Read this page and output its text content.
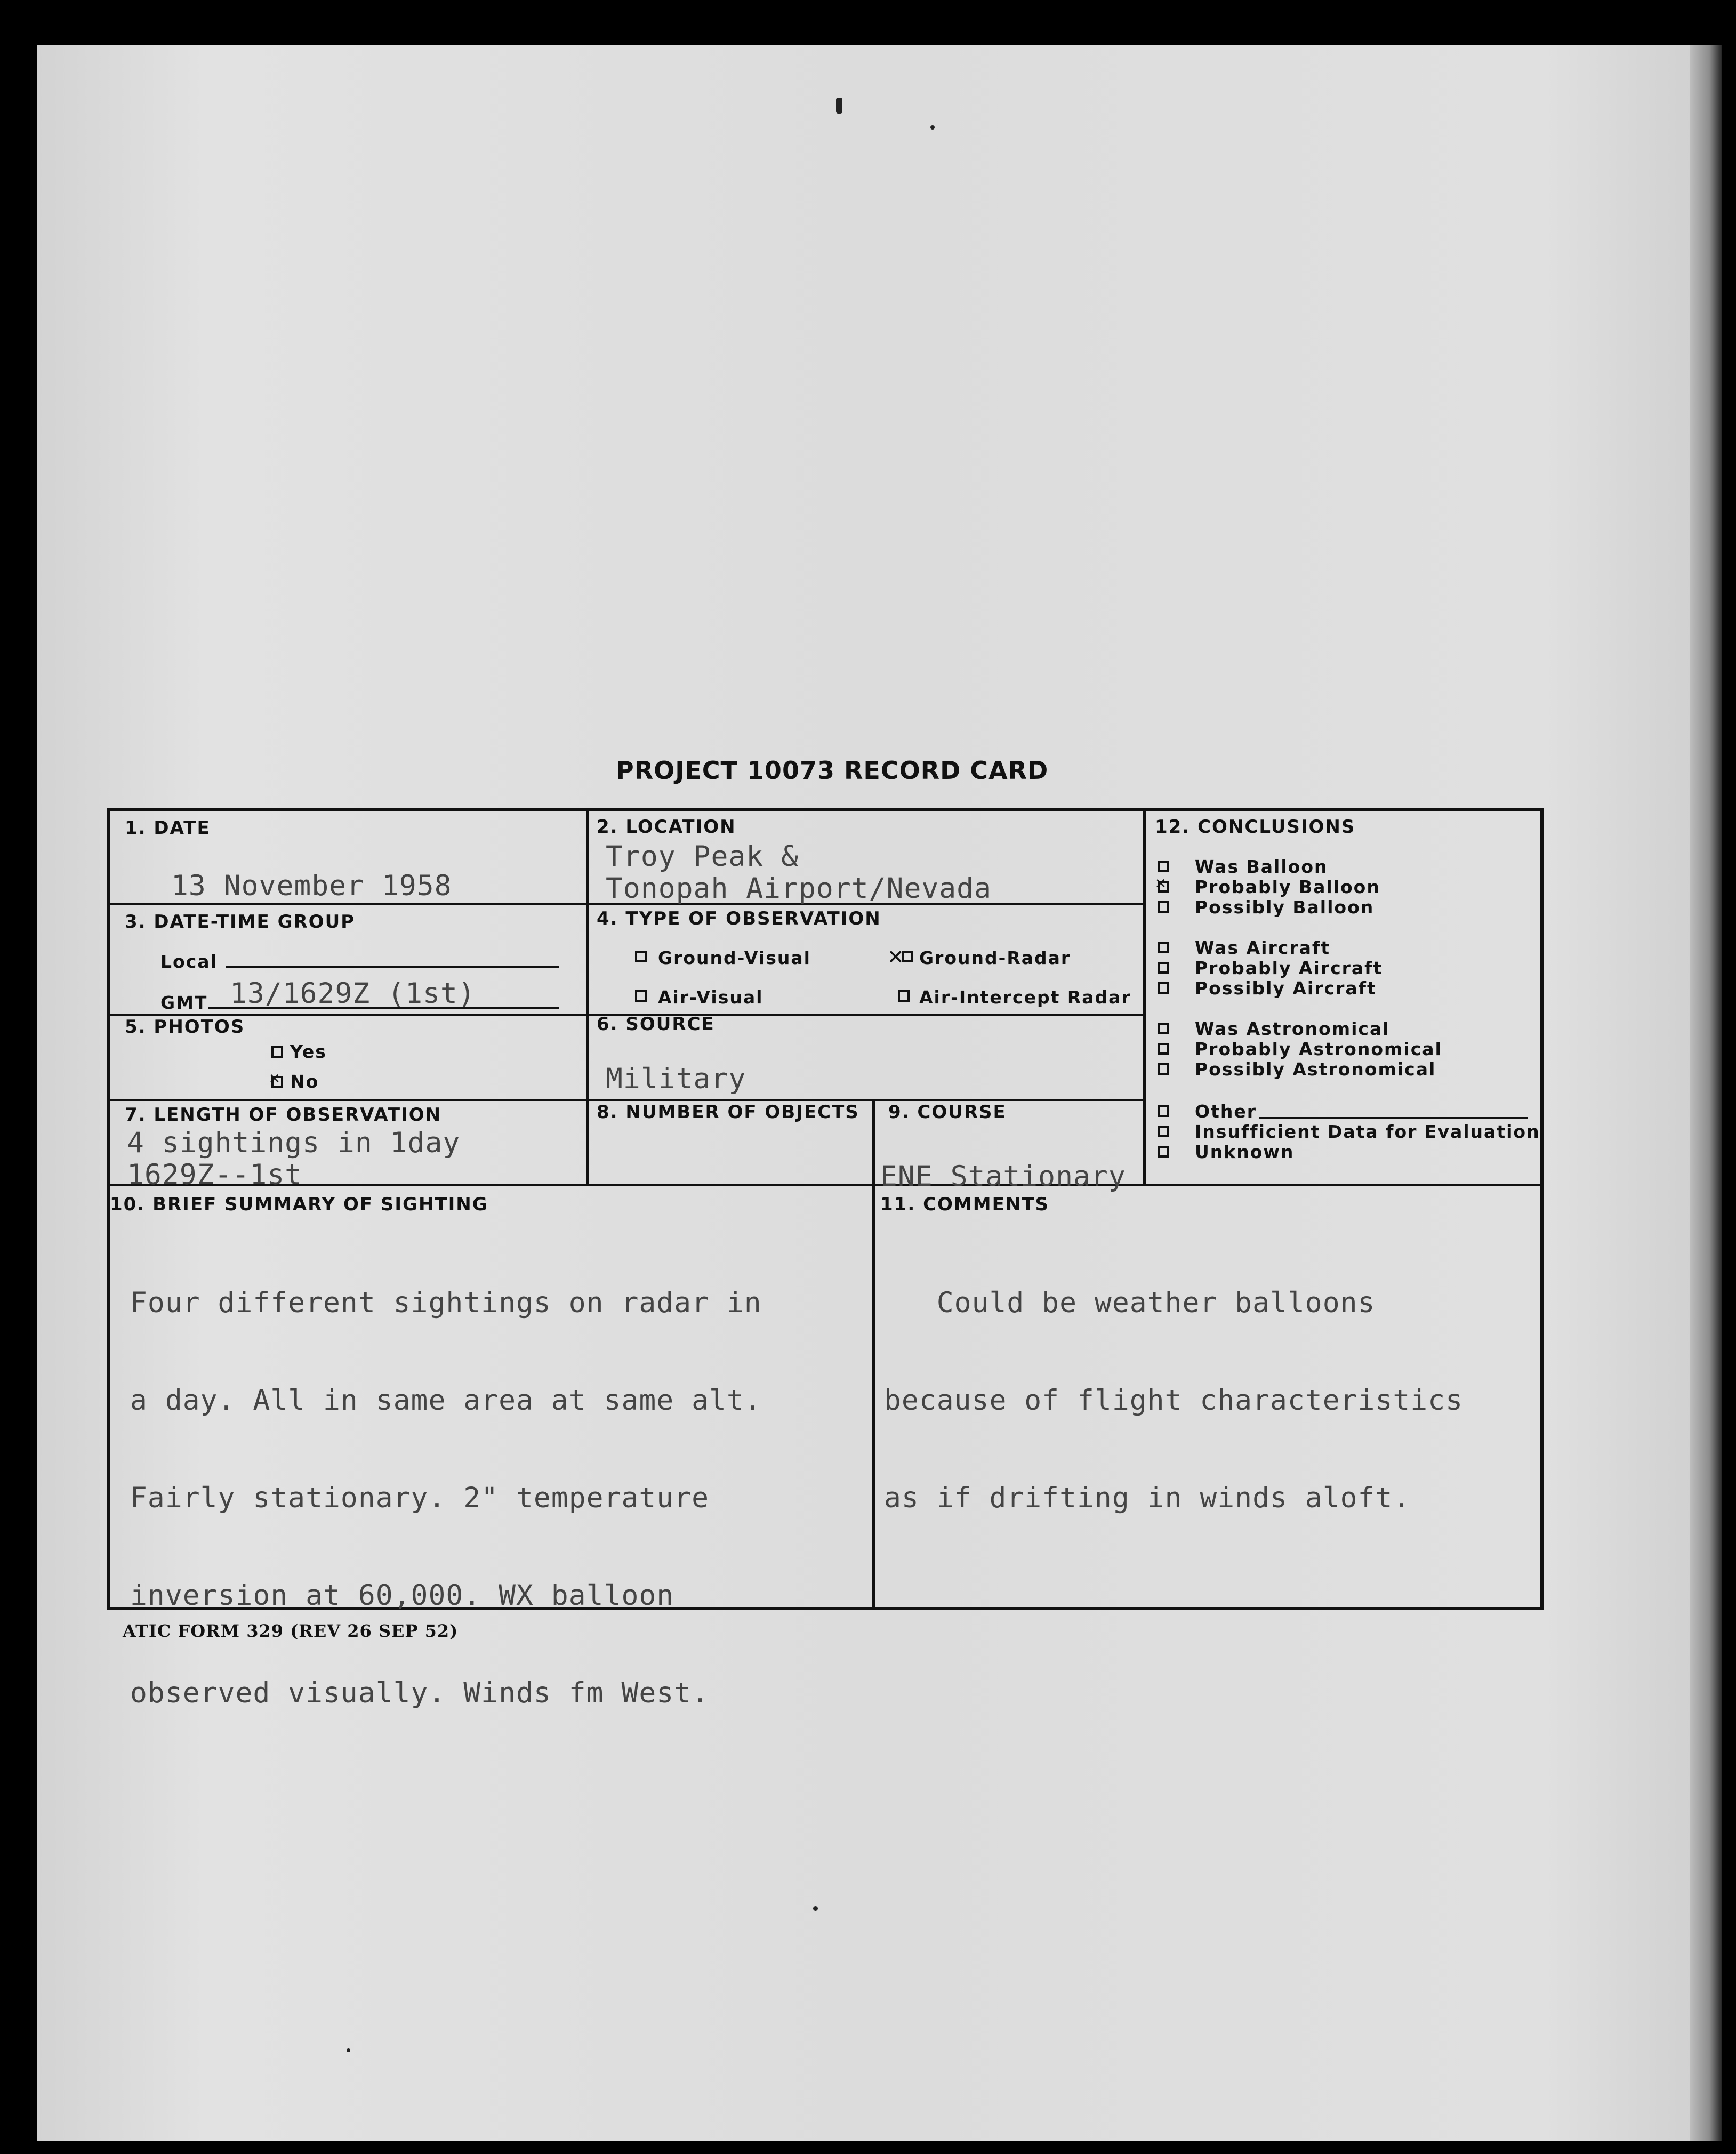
PROJECT 10073 RECORD CARD
1. DATE
13 November 1958
2. LOCATION
Troy Peak &
Tonopah Airport/Nevada
3. DATE-TIME GROUP
Local
GMT 13/1629Z (1st)
4. TYPE OF OBSERVATION
Ground-Visual	✕ Ground-Radar
Air-Visual	Air-Intercept Radar
5. PHOTOS
Yes
✕ No
6. SOURCE
Military
7. LENGTH OF OBSERVATION
4 sightings in 1day
1629Z--1st
8. NUMBER OF OBJECTS 9. COURSE
ENE Stationary
10. BRIEF SUMMARY OF SIGHTING

Four different sightings on radar in

a day. All in same area at same alt.

Fairly stationary. 2" temperature

inversion at 60,000. WX balloon

observed visually. Winds fm West.

11. COMMENTS

Could be weather balloons

because of flight characteristics

as if drifting in winds aloft.

12. CONCLUSIONS
Was Balloon
✕ Probably Balloon
Possibly Balloon
Was Aircraft
Probably Aircraft
Possibly Aircraft
Was Astronomical
Probably Astronomical
Possibly Astronomical
Other
Insufficient Data for Evaluation
Unknown
ATIC FORM 329 (REV 26 SEP 52)
